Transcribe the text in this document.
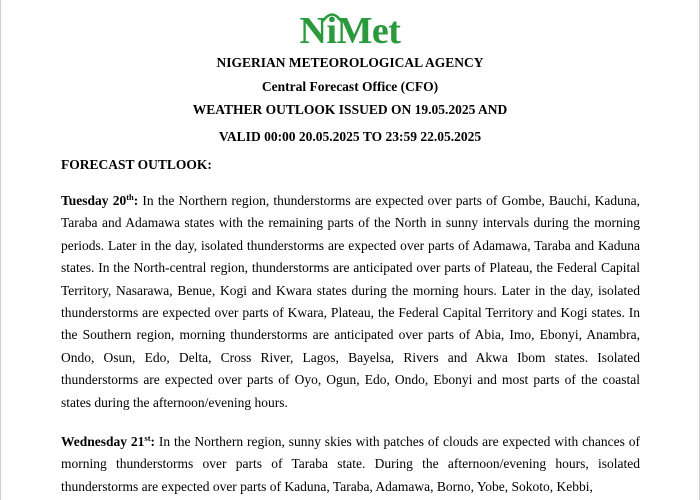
N
iMet
NIGERIAN METEOROLOGICAL AGENCY
Central Forecast Office (CFO)
WEATHER OUTLOOK ISSUED ON 19.05.2025 AND
VALID 00:00 20.05.2025 TO 23:59 22.05.2025
FORECAST OUTLOOK:
Tuesday 20th: In the Northern region, thunderstorms are expected over parts of Gombe, Bauchi, Kaduna, Taraba and Adamawa states with the remaining parts of the North in sunny intervals during the morning periods. Later in the day, isolated thunderstorms are expected over parts of Adamawa, Taraba and Kaduna states. In the North-central region, thunderstorms are anticipated over parts of Plateau, the Federal Capital Territory, Nasarawa, Benue, Kogi and Kwara states during the morning hours. Later in the day, isolated thunderstorms are expected over parts of Kwara, Plateau, the Federal Capital Territory and Kogi states. In the Southern region, morning thunderstorms are anticipated over parts of Abia, Imo, Ebonyi, Anambra, Ondo, Osun, Edo, Delta, Cross River, Lagos, Bayelsa, Rivers and Akwa Ibom states. Isolated thunderstorms are expected over parts of Oyo, Ogun, Edo, Ondo, Ebonyi and most parts of the coastal states during the afternoon/evening hours.
Wednesday 21st: In the Northern region, sunny skies with patches of clouds are expected with chances of morning thunderstorms over parts of Taraba state. During the afternoon/evening hours, isolated thunderstorms are expected over parts of Kaduna, Taraba, Adamawa, Borno, Yobe, Sokoto, Kebbi,
